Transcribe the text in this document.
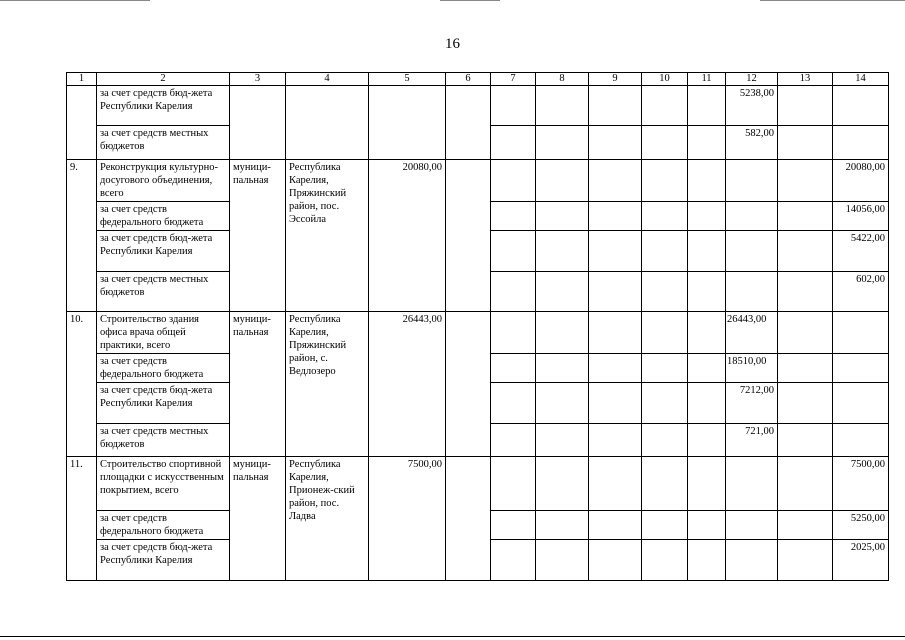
16
1	2	3	4	5	6	7	8	9	10	11	12	13	14
	за счет средств бюд-жета Республики Карелия										5238,00		
	за счет средств местных бюджетов										582,00		
9.	Реконструкция культурно-досугового объединения, всего	муници-пальная	Республика Карелия, Пряжинский район, пос. Эссойла	20080,00									20080,00
	за счет средств федерального бюджета												14056,00
	за счет средств бюд-жета Республики Карелия												5422,00
	за счет средств местных бюджетов												602,00
10.	Строительство здания офиса врача общей практики, всего	муници-пальная	Республика Карелия, Пряжинский район, с. Ведлозеро	26443,00							26443,00		
	за счет средств федерального бюджета										18510,00		
	за счет средств бюд-жета Республики Карелия										7212,00		
	за счет средств местных бюджетов										721,00		
11.	Строительство спортивной площадки с искусственным покрытием, всего	муници-пальная	Республика Карелия, Прионеж-ский район, пос. Ладва	7500,00									7500,00
	за счет средств федерального бюджета												5250,00
	за счет средств бюд-жета Республики Карелия												2025,00
